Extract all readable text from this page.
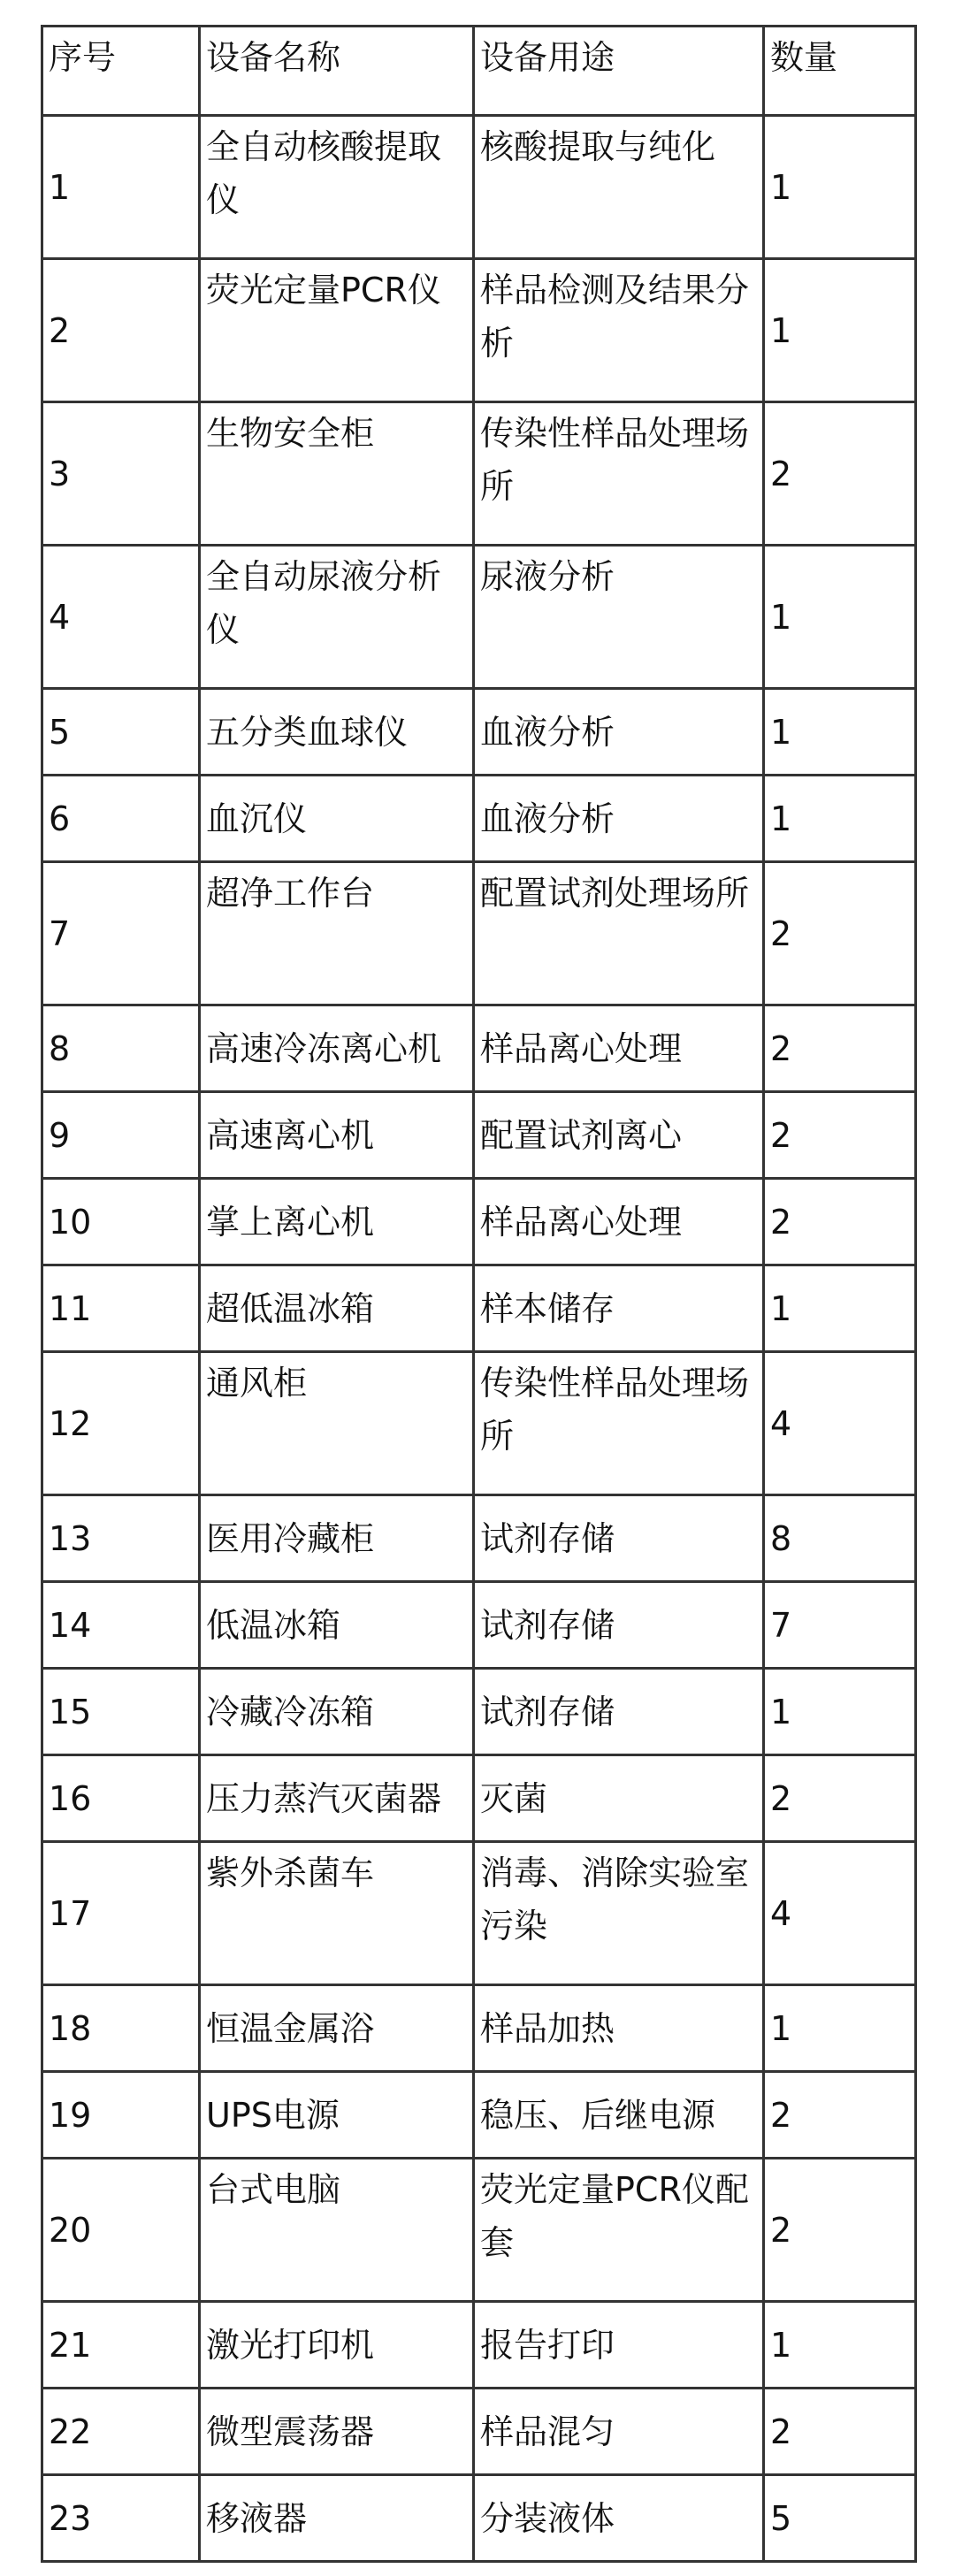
序号	设备名称	设备用途	数量
1	全自动核酸提取仪	核酸提取与纯化	1
2	荧光定量PCR仪	样品检测及结果分析	1
3	生物安全柜	传染性样品处理场所	2
4	全自动尿液分析仪	尿液分析	1
5	五分类血球仪	血液分析	1
6	血沉仪	血液分析	1
7	超净工作台	配置试剂处理场所	2
8	高速冷冻离心机	样品离心处理	2
9	高速离心机	配置试剂离心	2
10	掌上离心机	样品离心处理	2
11	超低温冰箱	样本储存	1
12	通风柜	传染性样品处理场所	4
13	医用冷藏柜	试剂存储	8
14	低温冰箱	试剂存储	7
15	冷藏冷冻箱	试剂存储	1
16	压力蒸汽灭菌器	灭菌	2
17	紫外杀菌车	消毒、消除实验室污染	4
18	恒温金属浴	样品加热	1
19	UPS电源	稳压、后继电源	2
20	台式电脑	荧光定量PCR仪配套	2
21	激光打印机	报告打印	1
22	微型震荡器	样品混匀	2
23	移液器	分装液体	5
